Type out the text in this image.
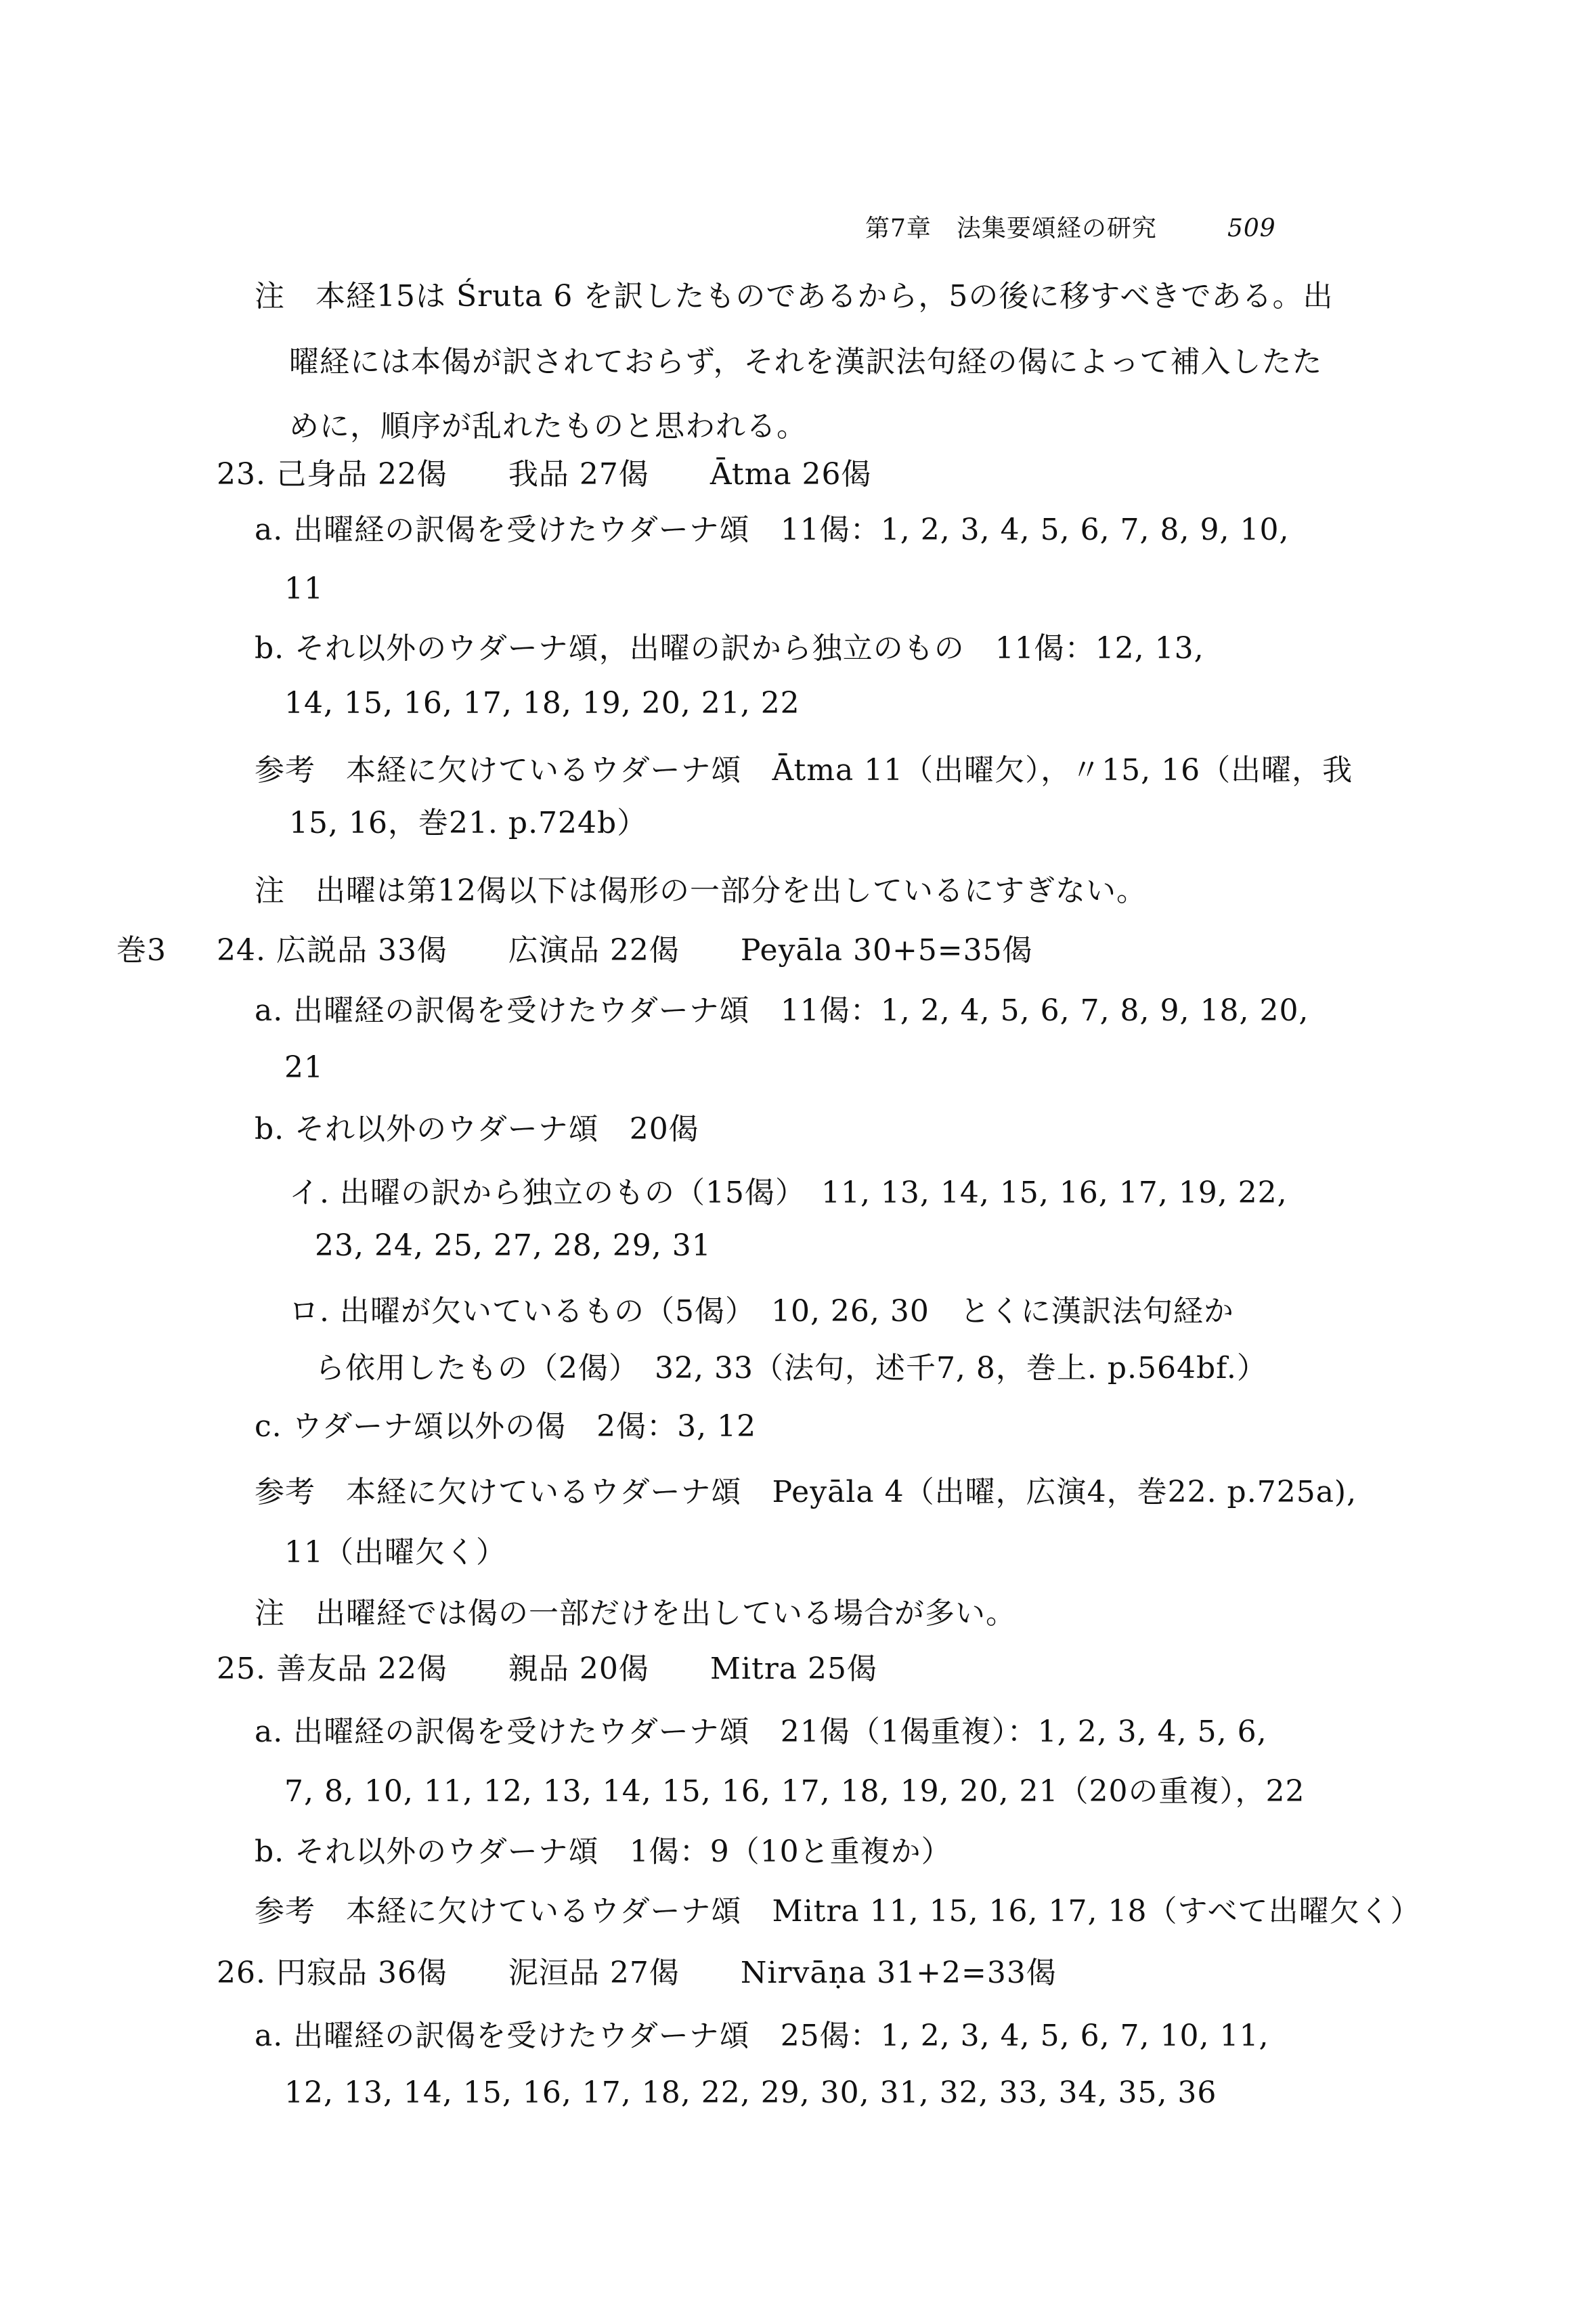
第7章　法集要頌経の研究	509
注　本経15は Śruta 6 を訳したものであるから，5の後に移すべきである。出
曜経には本偈が訳されておらず，それを漢訳法句経の偈によって補入したた
めに，順序が乱れたものと思われる。
23. 己身品 22偈　　我品 27偈　　Ātma 26偈
a. 出曜経の訳偈を受けたウダーナ頌　11偈：1, 2, 3, 4, 5, 6, 7, 8, 9, 10,
11
b. それ以外のウダーナ頌，出曜の訳から独立のもの　11偈：12, 13,
14, 15, 16, 17, 18, 19, 20, 21, 22
参考　本経に欠けているウダーナ頌　Ātma 11（出曜欠），〃15, 16（出曜，我
15, 16，巻21. p.724b）
注　出曜は第12偈以下は偈形の一部分を出しているにすぎない。
巻3 24. 広説品 33偈　　広演品 22偈　　Peyāla 30+5=35偈
a. 出曜経の訳偈を受けたウダーナ頌　11偈：1, 2, 4, 5, 6, 7, 8, 9, 18, 20,
21
b. それ以外のウダーナ頌　20偈
イ. 出曜の訳から独立のもの（15偈）　11, 13, 14, 15, 16, 17, 19, 22,
23, 24, 25, 27, 28, 29, 31
ロ. 出曜が欠いているもの（5偈）　10, 26, 30　とくに漢訳法句経か
ら依用したもの（2偈）　32, 33（法句，述千7, 8，巻上. p.564bf.）
c. ウダーナ頌以外の偈　2偈：3, 12
参考　本経に欠けているウダーナ頌　Peyāla 4（出曜，広演4，巻22. p.725a),
11（出曜欠く）
注　出曜経では偈の一部だけを出している場合が多い。
25. 善友品 22偈　　親品 20偈　　Mitra 25偈
a. 出曜経の訳偈を受けたウダーナ頌　21偈（1偈重複）：1, 2, 3, 4, 5, 6,
7, 8, 10, 11, 12, 13, 14, 15, 16, 17, 18, 19, 20, 21（20の重複），22
b. それ以外のウダーナ頌　1偈：9（10と重複か）
参考　本経に欠けているウダーナ頌　Mitra 11, 15, 16, 17, 18（すべて出曜欠く）
26. 円寂品 36偈　　泥洹品 27偈　　Nirvāṇa 31+2=33偈
a. 出曜経の訳偈を受けたウダーナ頌　25偈：1, 2, 3, 4, 5, 6, 7, 10, 11,
12, 13, 14, 15, 16, 17, 18, 22, 29, 30, 31, 32, 33, 34, 35, 36
